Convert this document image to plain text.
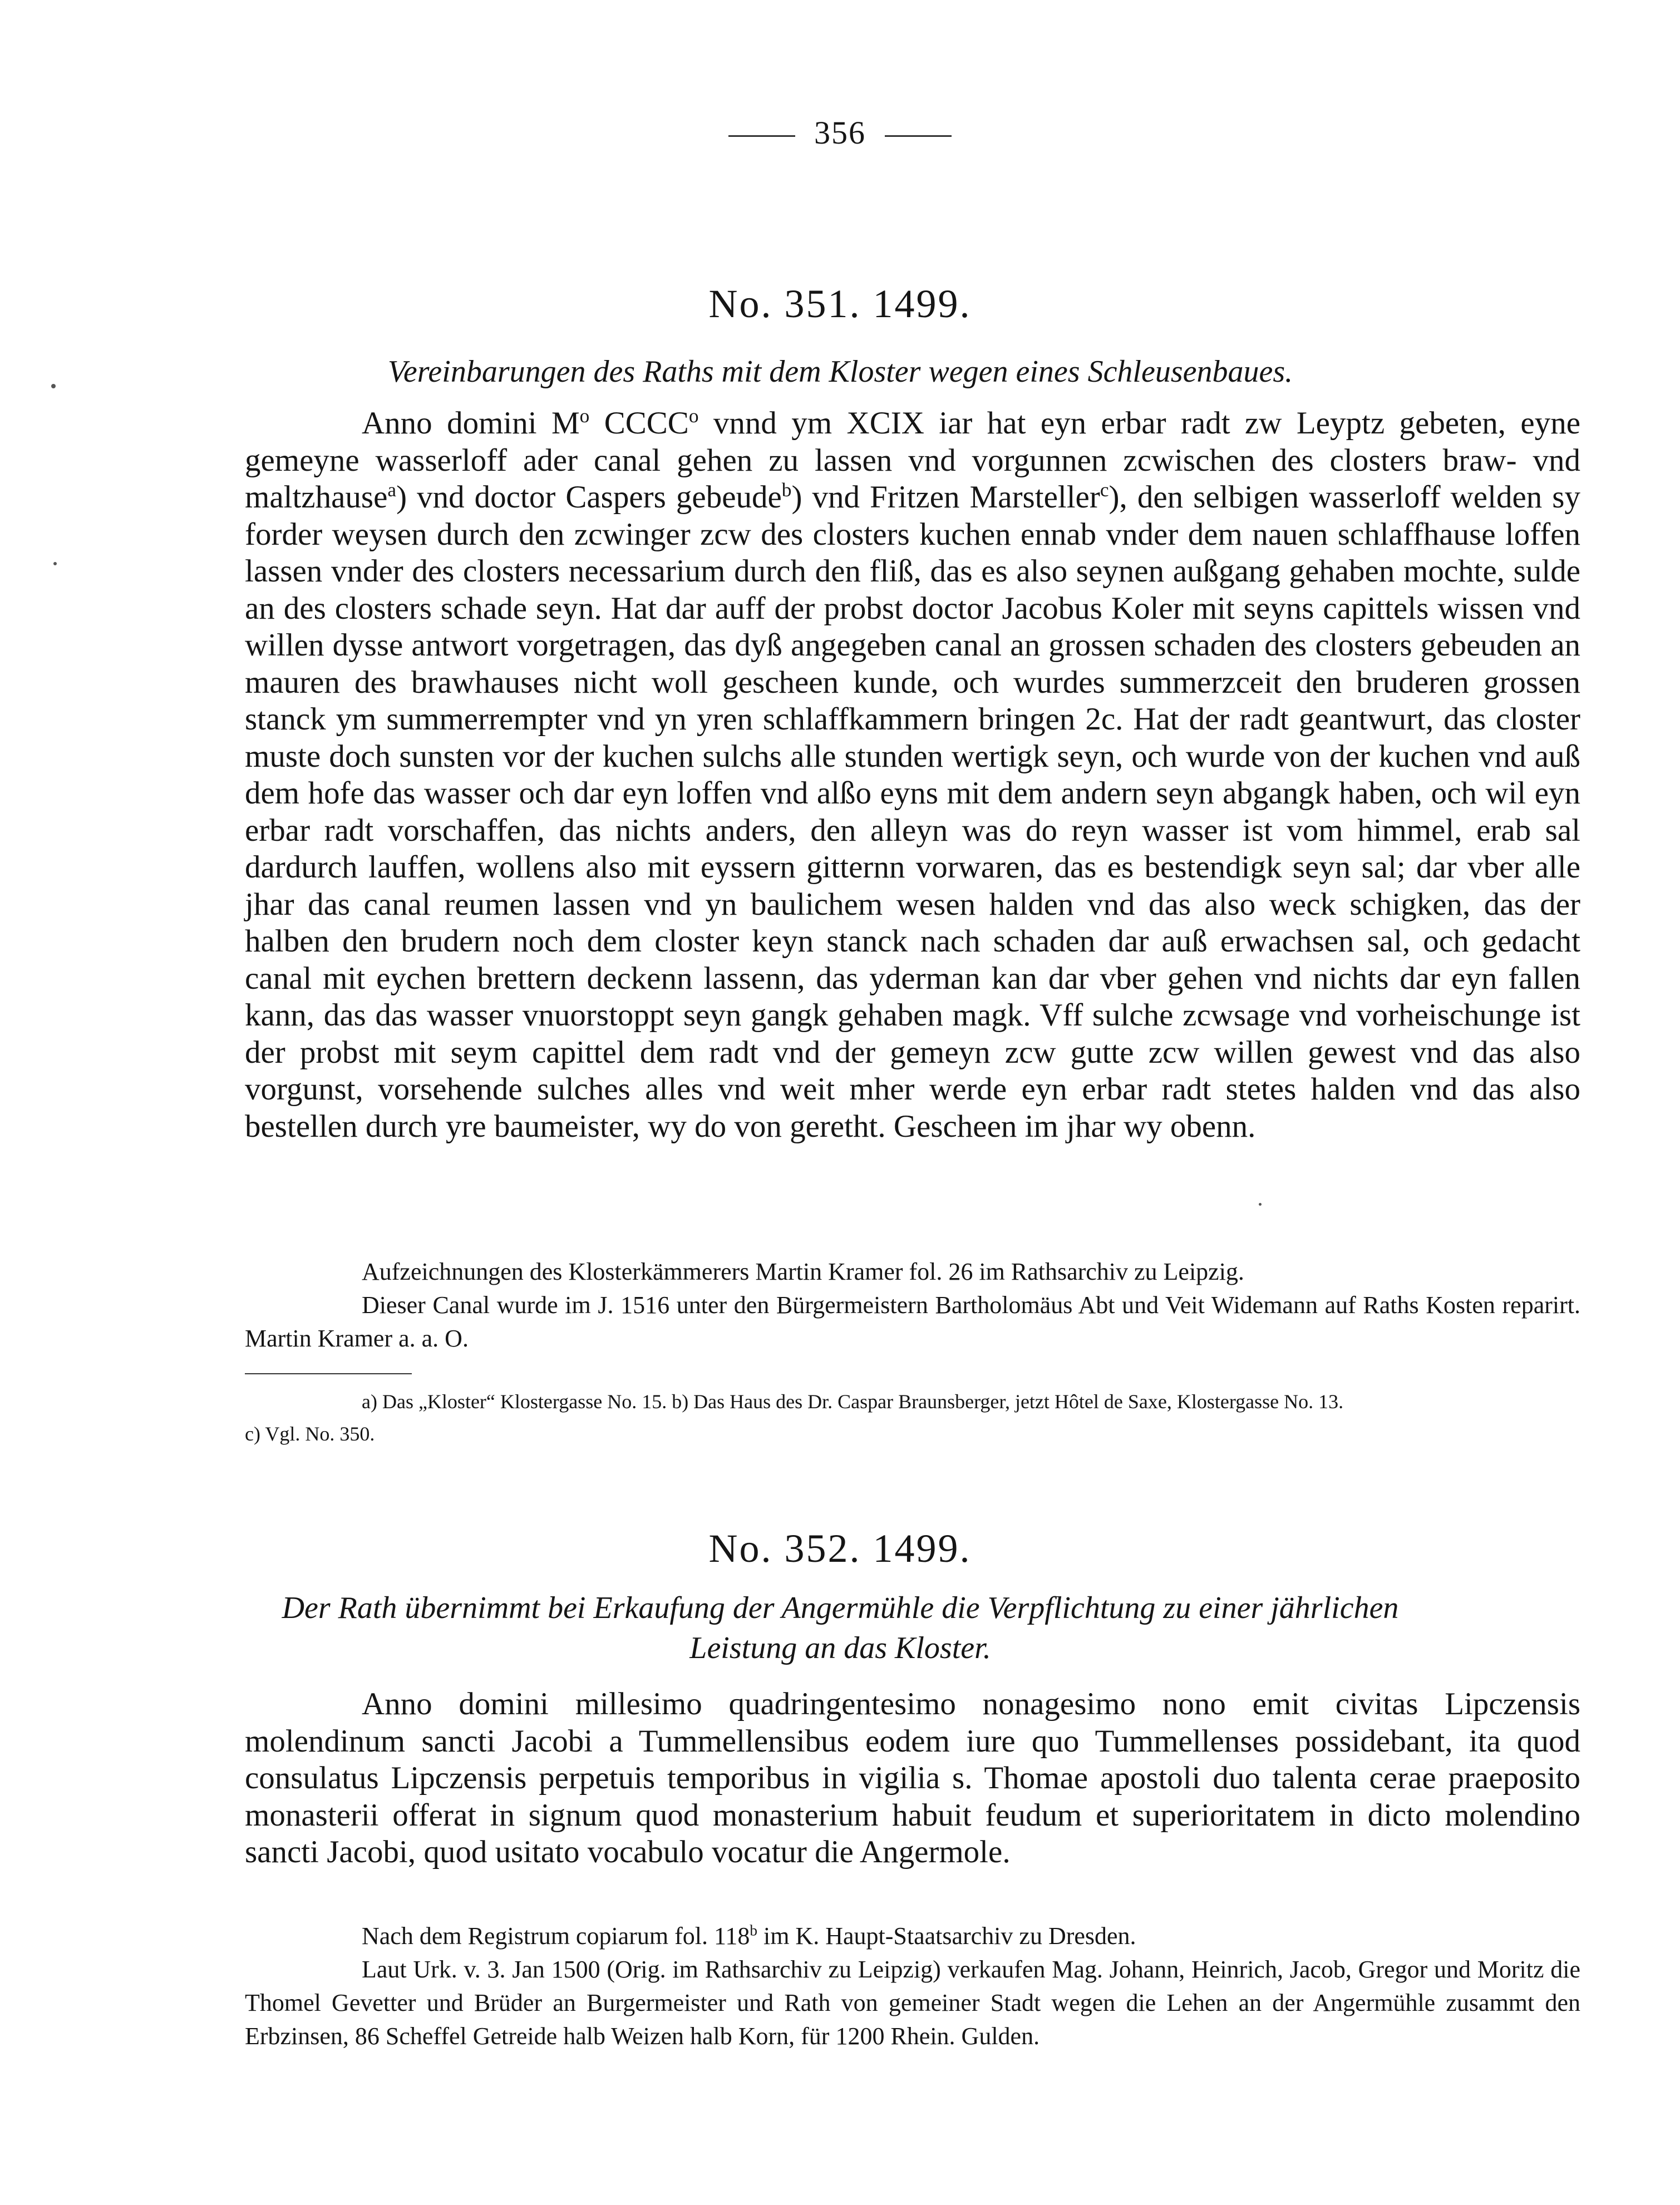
356
No. 351. 1499.
Vereinbarungen des Raths mit dem Kloster wegen eines Schleusenbaues.

Anno domini $M^o$ CCCC$^o$ vnnd ym XCIX iar hat eyn erbar radt zw Leyptz gebeten, eyne gemeyne wasserloff ader canal gehen zu lassen vnd vorgunnen zcwischen des closters braw- vnd maltzhause$^a$) vnd doctor Caspers gebeude$^b$) vnd Fritzen Marsteller$^c$), den selbigen wasserloff welden sy forder weysen durch den zcwinger zcw des closters kuchen ennab vnder dem nauen schlaffhause loffen lassen vnder des closters necessarium durch den fliß, das es also seynen außgang gehaben mochte, sulde an des closters schade seyn. Hat dar auff der probst doctor Jacobus Koler mit seyns capittels wissen vnd willen dysse antwort vorgetragen, das dyß angegeben canal an grossen schaden des closters gebeuden an mauren des brawhauses nicht woll gescheen kunde, och wurdes summerzceit den bruderen grossen stanck ym summerrempter vnd yn yren schlaffkammern bringen 2c. Hat der radt geantwurt, das closter muste doch sunsten vor der kuchen sulchs alle stunden wertigk seyn, och wurde von der kuchen vnd auß dem hofe das wasser och dar eyn loffen vnd alßo eyns mit dem andern seyn abgangk haben, och wil eyn erbar radt vorschaffen, das nichts anders, den alleyn was do reyn wasser ist vom himmel, erab sal dardurch lauffen, wollens also mit eyssern gitternn vorwaren, das es bestendigk seyn sal; dar vber alle jhar das canal reumen lassen vnd yn baulichem wesen halden vnd das also weck schigken, das der halben den brudern noch dem closter keyn stanck nach schaden dar auß erwachsen sal, och gedacht canal mit eychen brettern deckenn lassenn, das yderman kan dar vber gehen vnd nichts dar eyn fallen kann, das das wasser vnuorstoppt seyn gangk gehaben magk. Vff sulche zcwsage vnd vorheischunge ist der probst mit seym capittel dem radt vnd der gemeyn zcw gutte zcw willen gewest vnd das also vorgunst, vorsehende sulches alles vnd weit mher werde eyn erbar radt stetes halden vnd das also bestellen durch yre baumeister, wy do von geretht. Gescheen im jhar wy obenn.

Aufzeichnungen des Klosterkämmerers Martin Kramer fol. 26 im Rathsarchiv zu Leipzig.

Dieser Canal wurde im J. 1516 unter den Bürgermeistern Bartholomäus Abt und Veit Widemann auf Raths Kosten reparirt. Martin Kramer a. a. O.

a) Das „Kloster“ Klostergasse No. 15. b) Das Haus des Dr. Caspar Braunsberger, jetzt Hôtel de Saxe, Klostergasse No. 13.

c) Vgl. No. 350.

No. 352. 1499.
Der Rath übernimmt bei Erkaufung der Angermühle die Verpflichtung zu einer jährlichen
Leistung an das Kloster.

Anno domini millesimo quadringentesimo nonagesimo nono emit civitas Lipczensis molendinum sancti Jacobi a Tummellensibus eodem iure quo Tummellenses possidebant, ita quod consulatus Lipczensis perpetuis temporibus in vigilia s. Thomae apostoli duo talenta cerae praeposito monasterii offerat in signum quod monasterium habuit feudum et superioritatem in dicto molendino sancti Jacobi, quod usitato vocabulo vocatur die Angermole.

Nach dem Registrum copiarum fol. 118$^b$ im K. Haupt-Staatsarchiv zu Dresden.

Laut Urk. v. 3. Jan 1500 (Orig. im Rathsarchiv zu Leipzig) verkaufen Mag. Johann, Heinrich, Jacob, Gregor und Moritz die Thomel Gevetter und Brüder an Burgermeister und Rath von gemeiner Stadt wegen die Lehen an der Angermühle zusammt den Erbzinsen, 86 Scheffel Getreide halb Weizen halb Korn, für 1200 Rhein. Gulden.
